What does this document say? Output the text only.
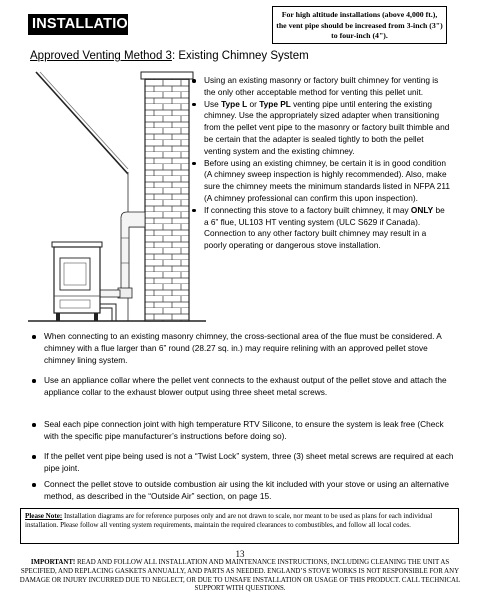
INSTALLATION
For high altitude installations (above 4,000 ft.), the vent pipe should be increased from 3-inch (3") to four-inch (4").
Approved Venting Method 3: Existing Chimney System
Using an existing masonry or factory built chimney for venting is the only other acceptable method for venting this pellet unit.
Use Type L or Type PL venting pipe until entering the existing chimney. Use the appropriately sized adapter when transitioning from the pellet vent pipe to the masonry or factory built thimble and be certain that the adapter is sealed tightly to both the pellet venting system and the existing chimney.
Before using an existing chimney, be certain it is in good condition (A chimney sweep inspection is highly recommended). Also, make sure the chimney meets the minimum standards listed in NFPA 211 (A chimney professional can confirm this upon inspection).
If connecting this stove to a factory built chimney, it may ONLY be a 6” flue, UL103 HT venting system (ULC S629 if Canada). Connection to any other factory built chimney may result in a poorly operating or dangerous stove installation.
When connecting to an existing masonry chimney, the cross-sectional area of the flue must be considered. A chimney with a flue larger than 6” round (28.27 sq. in.) may require relining with an approved pellet stove chimney lining system.
Use an appliance collar where the pellet vent connects to the exhaust output of the pellet stove and attach the appliance collar to the exhaust blower output using three sheet metal screws.
Seal each pipe connection joint with high temperature RTV Silicone, to ensure the system is leak free (Check with the specific pipe manufacturer’s instructions before doing so).
If the pellet vent pipe being used is not a “Twist Lock” system, three (3) sheet metal screws are required at each pipe joint.
Connect the pellet stove to outside combustion air using the kit included with your stove or using an alternative method, as described in the “Outside Air” section, on page 15.
Please Note: Installation diagrams are for reference purposes only and are not drawn to scale, nor meant to be used as plans for each individual installation. Please follow all venting system requirements, maintain the required clearances to combustibles, and follow all local codes.
13
IMPORTANT! READ AND FOLLOW ALL INSTALLATION AND MAINTENANCE INSTRUCTIONS, INCLUDING CLEANING THE UNIT AS SPECIFIED, AND REPLACING GASKETS ANNUALLY, AND PARTS AS NEEDED. ENGLAND’S STOVE WORKS IS NOT RESPONSIBLE FOR ANY DAMAGE OR INJURY INCURRED DUE TO NEGLECT, OR DUE TO UNSAFE INSTALLATION OR USAGE OF THIS PRODUCT. CALL TECHNICAL SUPPORT WITH QUESTIONS.
